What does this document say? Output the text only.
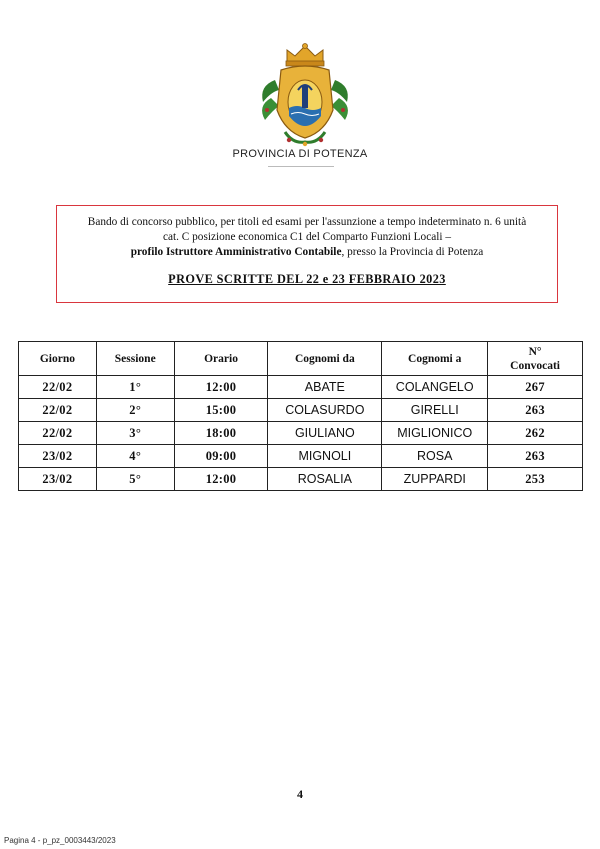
PROVINCIA DI POTENZA

Bando di concorso pubblico, per titoli ed esami per l'assunzione a tempo indeterminato n. 6 unità

cat. C posizione economica C1 del Comparto Funzioni Locali –

profilo Istruttore Amministrativo Contabile, presso la Provincia di Potenza

PROVE SCRITTE DEL 22 e 23 FEBBRAIO 2023

Giorno	Sessione	Orario	Cognomi da	Cognomi a	N°
Convocati
22/02	1°	12:00	ABATE	COLANGELO	267
22/02	2°	15:00	COLASURDO	GIRELLI	263
22/02	3°	18:00	GIULIANO	MIGLIONICO	262
23/02	4°	09:00	MIGNOLI	ROSA	263
23/02	5°	12:00	ROSALIA	ZUPPARDI	253
4
Pagina 4 - p_pz_0003443/2023
